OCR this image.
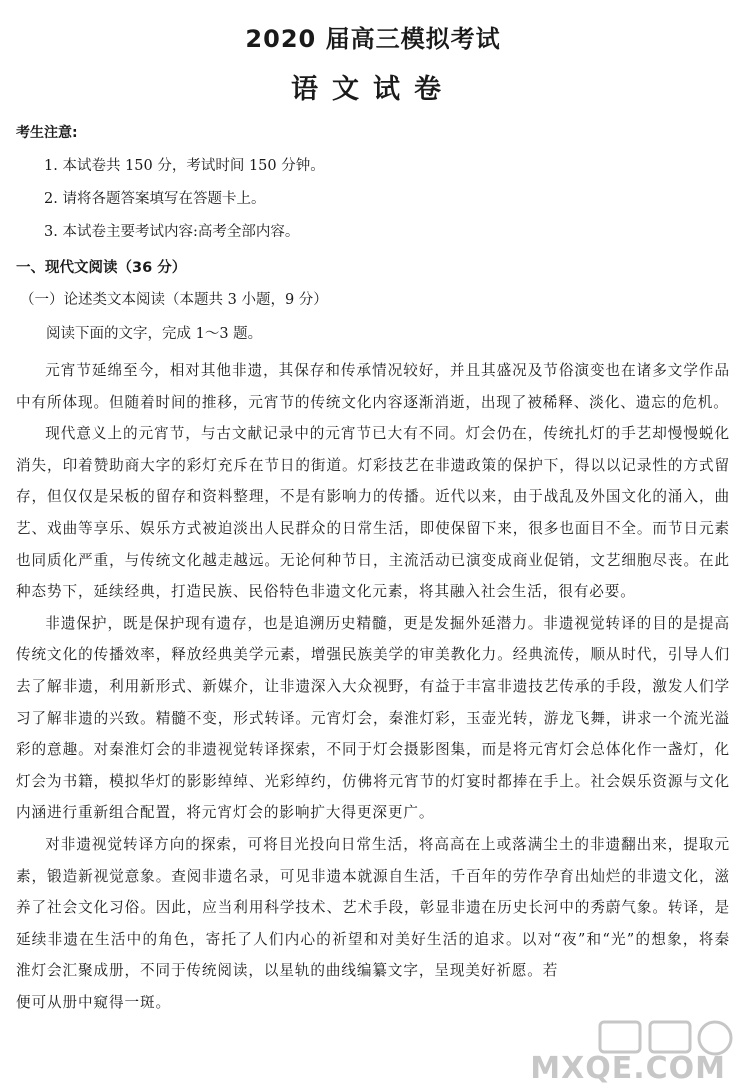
2020 届高三模拟考试
语文试卷
考生注意:

1. 本试卷共 150 分，考试时间 150 分钟。

2. 请将各题答案填写在答题卡上。

3. 本试卷主要考试内容:高考全部内容。

一、现代文阅读（36 分）
（一）论述类文本阅读（本题共 3 小题，9 分）
阅读下面的文字，完成 1～3 题。

元宵节延绵至今，相对其他非遗，其保存和传承情况较好，并且其盛况及节俗演变也在诸多文学作品中有所体现。但随着时间的推移，元宵节的传统文化内容逐渐消逝，出现了被稀释、淡化、遗忘的危机。

现代意义上的元宵节，与古文献记录中的元宵节已大有不同。灯会仍在，传统扎灯的手艺却慢慢蜕化消失，印着赞助商大字的彩灯充斥在节日的街道。灯彩技艺在非遗政策的保护下，得以以记录性的方式留存，但仅仅是呆板的留存和资料整理，不是有影响力的传播。近代以来，由于战乱及外国文化的涌入，曲艺、戏曲等享乐、娱乐方式被迫淡出人民群众的日常生活，即使保留下来，很多也面目不全。而节日元素也同质化严重，与传统文化越走越远。无论何种节日，主流活动已演变成商业促销，文艺细胞尽丧。在此种态势下，延续经典，打造民族、民俗特色非遗文化元素，将其融入社会生活，很有必要。

非遗保护，既是保护现有遗存，也是追溯历史精髓，更是发掘外延潜力。非遗视觉转译的目的是提高传统文化的传播效率，释放经典美学元素，增强民族美学的审美教化力。经典流传，顺从时代，引导人们去了解非遗，利用新形式、新媒介，让非遗深入大众视野，有益于丰富非遗技艺传承的手段，激发人们学习了解非遗的兴致。精髓不变，形式转译。元宵灯会，秦淮灯彩，玉壶光转，游龙飞舞，讲求一个流光溢彩的意趣。对秦淮灯会的非遗视觉转译探索，不同于灯会摄影图集，而是将元宵灯会总体化作一盏灯，化灯会为书籍，模拟华灯的影影绰绰、光彩绰约，仿佛将元宵节的灯宴时都捧在手上。社会娱乐资源与文化内涵进行重新组合配置，将元宵灯会的影响扩大得更深更广。

对非遗视觉转译方向的探索，可将目光投向日常生活，将高高在上或落满尘土的非遗翻出来，提取元素，锻造新视觉意象。查阅非遗名录，可见非遗本就源自生活，千百年的劳作孕育出灿烂的非遗文化，滋养了社会文化习俗。因此，应当利用科学技术、艺术手段，彰显非遗在历史长河中的秀蔚气象。转译，是延续非遗在生活中的角色，寄托了人们内心的祈望和对美好生活的追求。以对“夜”和“光”的想象，将秦淮灯会汇聚成册，不同于传统阅读，以星轨的曲线编纂文字，呈现美好祈愿。若

便可从册中窥得一斑。

MXQE.COM
